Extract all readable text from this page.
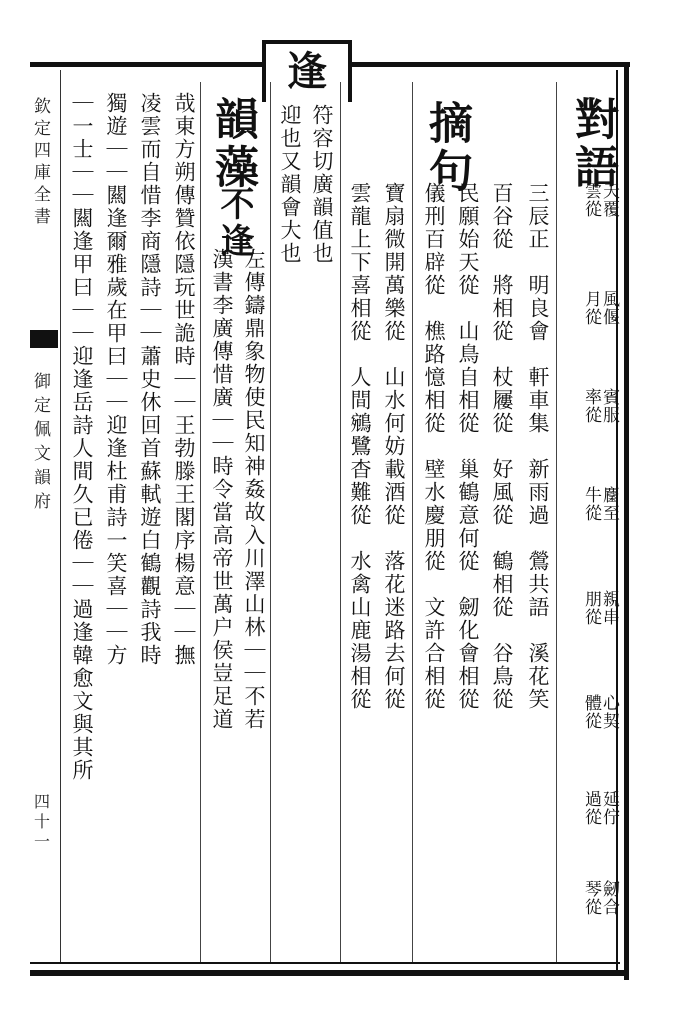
逢
欽定四庫全書
御定佩文韻府
四十一
對語
天覆
雲從
風偃
月從
賓服
率從
麕至
牛從
親串
朋從
心契
體從
延佇
過從
劒合
琴從
三辰正　明良會　軒車集　新雨過　鶯共語　溪花笑
百谷從　將相從　杖屨從　好風從　鶴相從　谷鳥從
摘句
民願始天從　山鳥自相從　巢鶴意何從　劒化會相從
儀刑百辟從　樵路憶相從　壁水慶朋從　文許合相從
寶扇微開萬樂從　山水何妨載酒從　落花迷路去何從
雲龍上下喜相從　人間鵷鷺杳難從　水禽山鹿湯相從
符容切廣韻值也
迎也又韻會大也
韻藻
不逢
左傳鑄鼎象物使民知神姦故入川澤山林｜｜不若
漢書李廣傳惜廣｜｜時令當高帝世萬户侯豈足道
哉東方朔傳贊依隱玩世詭時｜｜王勃滕王閣序楊意｜｜撫
凌雲而自惜李商隱詩｜｜蕭史休回首蘇軾遊白鶴觀詩我時
獨遊｜｜闗逢爾雅歲在甲曰｜｜迎逢杜甫詩一笑喜｜｜方
｜一士｜｜闗逢甲曰｜｜迎逢岳詩人間久已倦｜｜過逢韓愈文與其所
